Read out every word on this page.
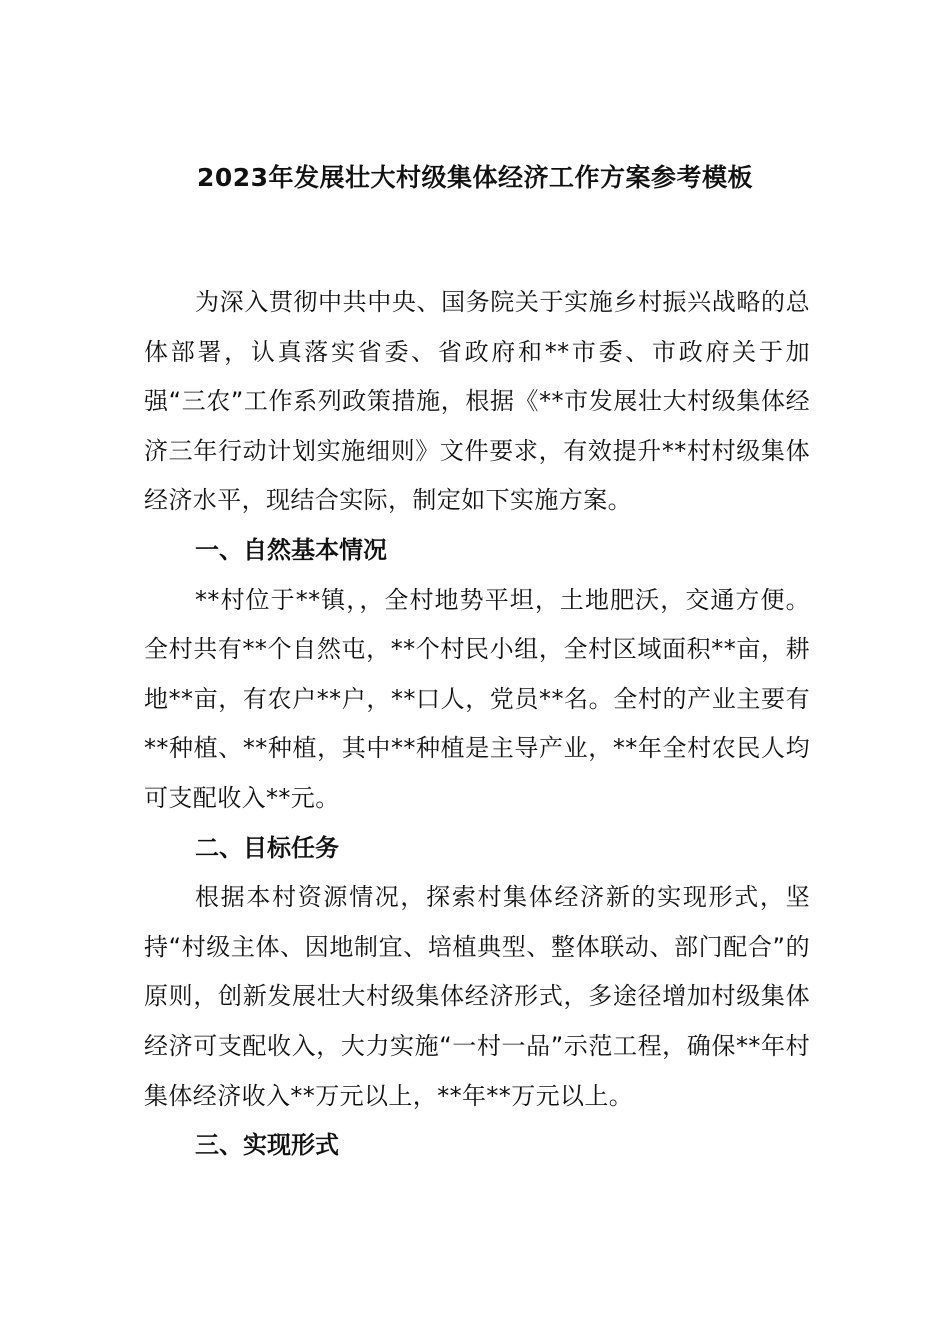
2023年发展壮大村级集体经济工作方案参考模板

为深入贯彻中共中央、国务院关于实施乡村振兴战略的总体部署，认真落实省委、省政府和**市委、市政府关于加强“三农”工作系列政策措施，根据《**市发展壮大村级集体经济三年行动计划实施细则》文件要求，有效提升**村村级集体经济水平，现结合实际，制定如下实施方案。

一、自然基本情况

**村位于**镇，，全村地势平坦，土地肥沃，交通方便。全村共有**个自然屯，**个村民小组，全村区域面积**亩，耕地**亩，有农户**户，**口人，党员**名。全村的产业主要有**种植、**种植，其中**种植是主导产业，**年全村农民人均可支配收入**元。

二、目标任务

根据本村资源情况，探索村集体经济新的实现形式，坚持“村级主体、因地制宜、培植典型、整体联动、部门配合”的原则，创新发展壮大村级集体经济形式，多途径增加村级集体经济可支配收入，大力实施“一村一品”示范工程，确保**年村集体经济收入**万元以上，**年**万元以上。

三、实现形式
